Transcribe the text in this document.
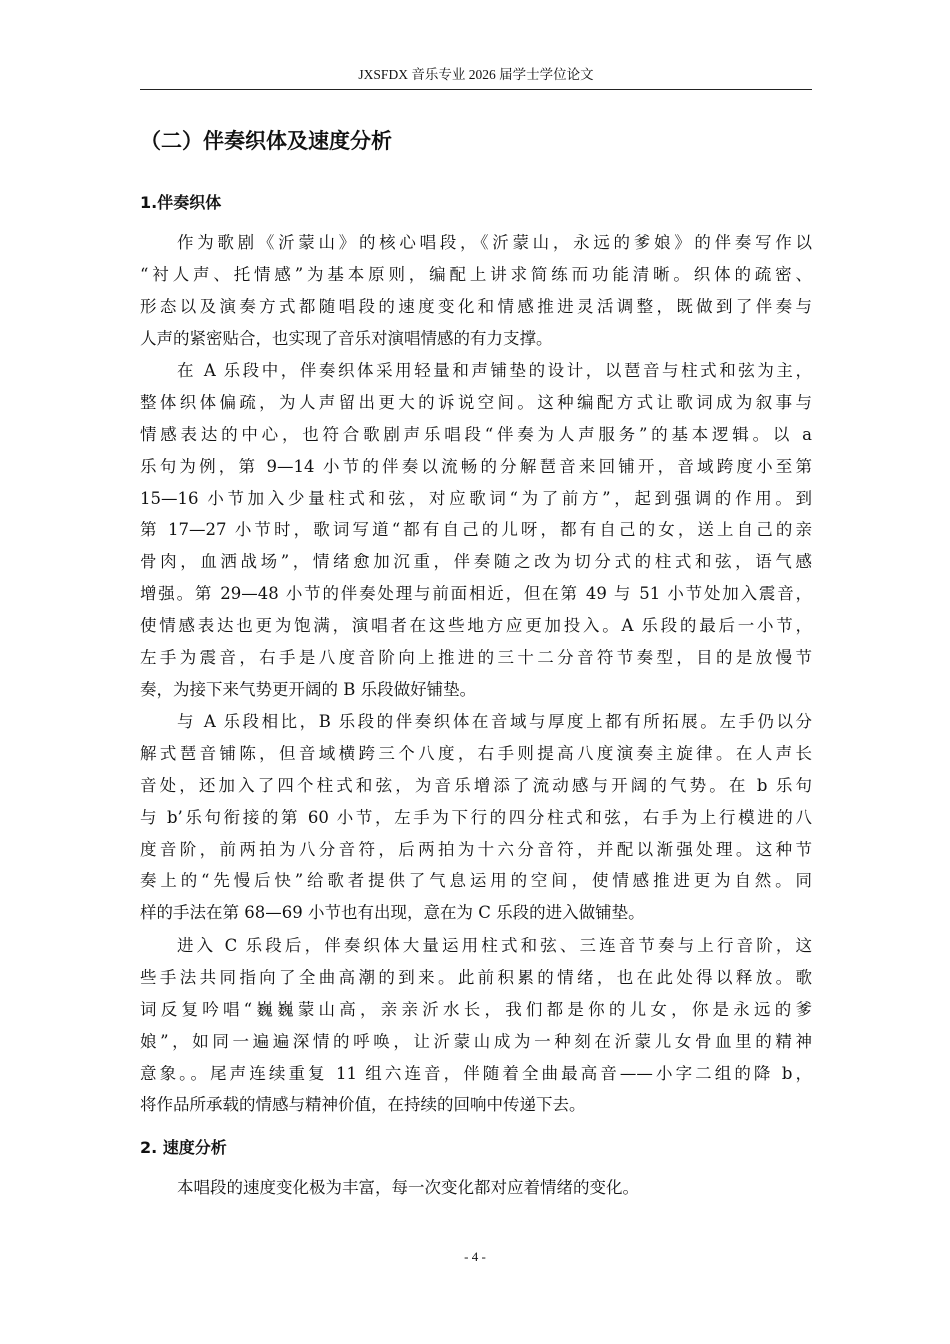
JXSFDX 音乐专业 2026 届学士学位论文
（二）伴奏织体及速度分析
1.伴奏织体
作为歌剧《沂蒙山》的核心唱段，《沂蒙山，永远的爹娘》的伴奏写作以
“衬人声、托情感”为基本原则，编配上讲求简练而功能清晰。织体的疏密、
形态以及演奏方式都随唱段的速度变化和情感推进灵活调整，既做到了伴奏与
人声的紧密贴合，也实现了音乐对演唱情感的有力支撑。
在 A 乐段中，伴奏织体采用轻量和声铺垫的设计，以琶音与柱式和弦为主，
整体织体偏疏，为人声留出更大的诉说空间。这种编配方式让歌词成为叙事与
情感表达的中心，也符合歌剧声乐唱段“伴奏为人声服务”的基本逻辑。以 a
乐句为例，第 9—14 小节的伴奏以流畅的分解琶音来回铺开，音域跨度小至第
15—16 小节加入少量柱式和弦，对应歌词“为了前方”，起到强调的作用。到
第 17—27 小节时，歌词写道“都有自己的儿呀，都有自己的女，送上自己的亲
骨肉，血洒战场”，情绪愈加沉重，伴奏随之改为切分式的柱式和弦，语气感
增强。第 29—48 小节的伴奏处理与前面相近，但在第 49 与 51 小节处加入震音，
使情感表达也更为饱满，演唱者在这些地方应更加投入。A 乐段的最后一小节，
左手为震音，右手是八度音阶向上推进的三十二分音符节奏型，目的是放慢节
奏，为接下来气势更开阔的 B 乐段做好铺垫。
与 A 乐段相比，B 乐段的伴奏织体在音域与厚度上都有所拓展。左手仍以分
解式琶音铺陈，但音域横跨三个八度，右手则提高八度演奏主旋律。在人声长
音处，还加入了四个柱式和弦，为音乐增添了流动感与开阔的气势。在 b 乐句
与 b’乐句衔接的第 60 小节，左手为下行的四分柱式和弦，右手为上行模进的八
度音阶，前两拍为八分音符，后两拍为十六分音符，并配以渐强处理。这种节
奏上的“先慢后快”给歌者提供了气息运用的空间，使情感推进更为自然。同
样的手法在第 68—69 小节也有出现，意在为 C 乐段的进入做铺垫。
进入 C 乐段后，伴奏织体大量运用柱式和弦、三连音节奏与上行音阶，这
些手法共同指向了全曲高潮的到来。此前积累的情绪，也在此处得以释放。歌
词反复吟唱“巍巍蒙山高，亲亲沂水长，我们都是你的儿女，你是永远的爹
娘”，如同一遍遍深情的呼唤，让沂蒙山成为一种刻在沂蒙儿女骨血里的精神
意象。。尾声连续重复 11 组六连音，伴随着全曲最高音——小字二组的降 b，
将作品所承载的情感与精神价值，在持续的回响中传递下去。
2. 速度分析
本唱段的速度变化极为丰富，每一次变化都对应着情绪的变化。
- 4 -
